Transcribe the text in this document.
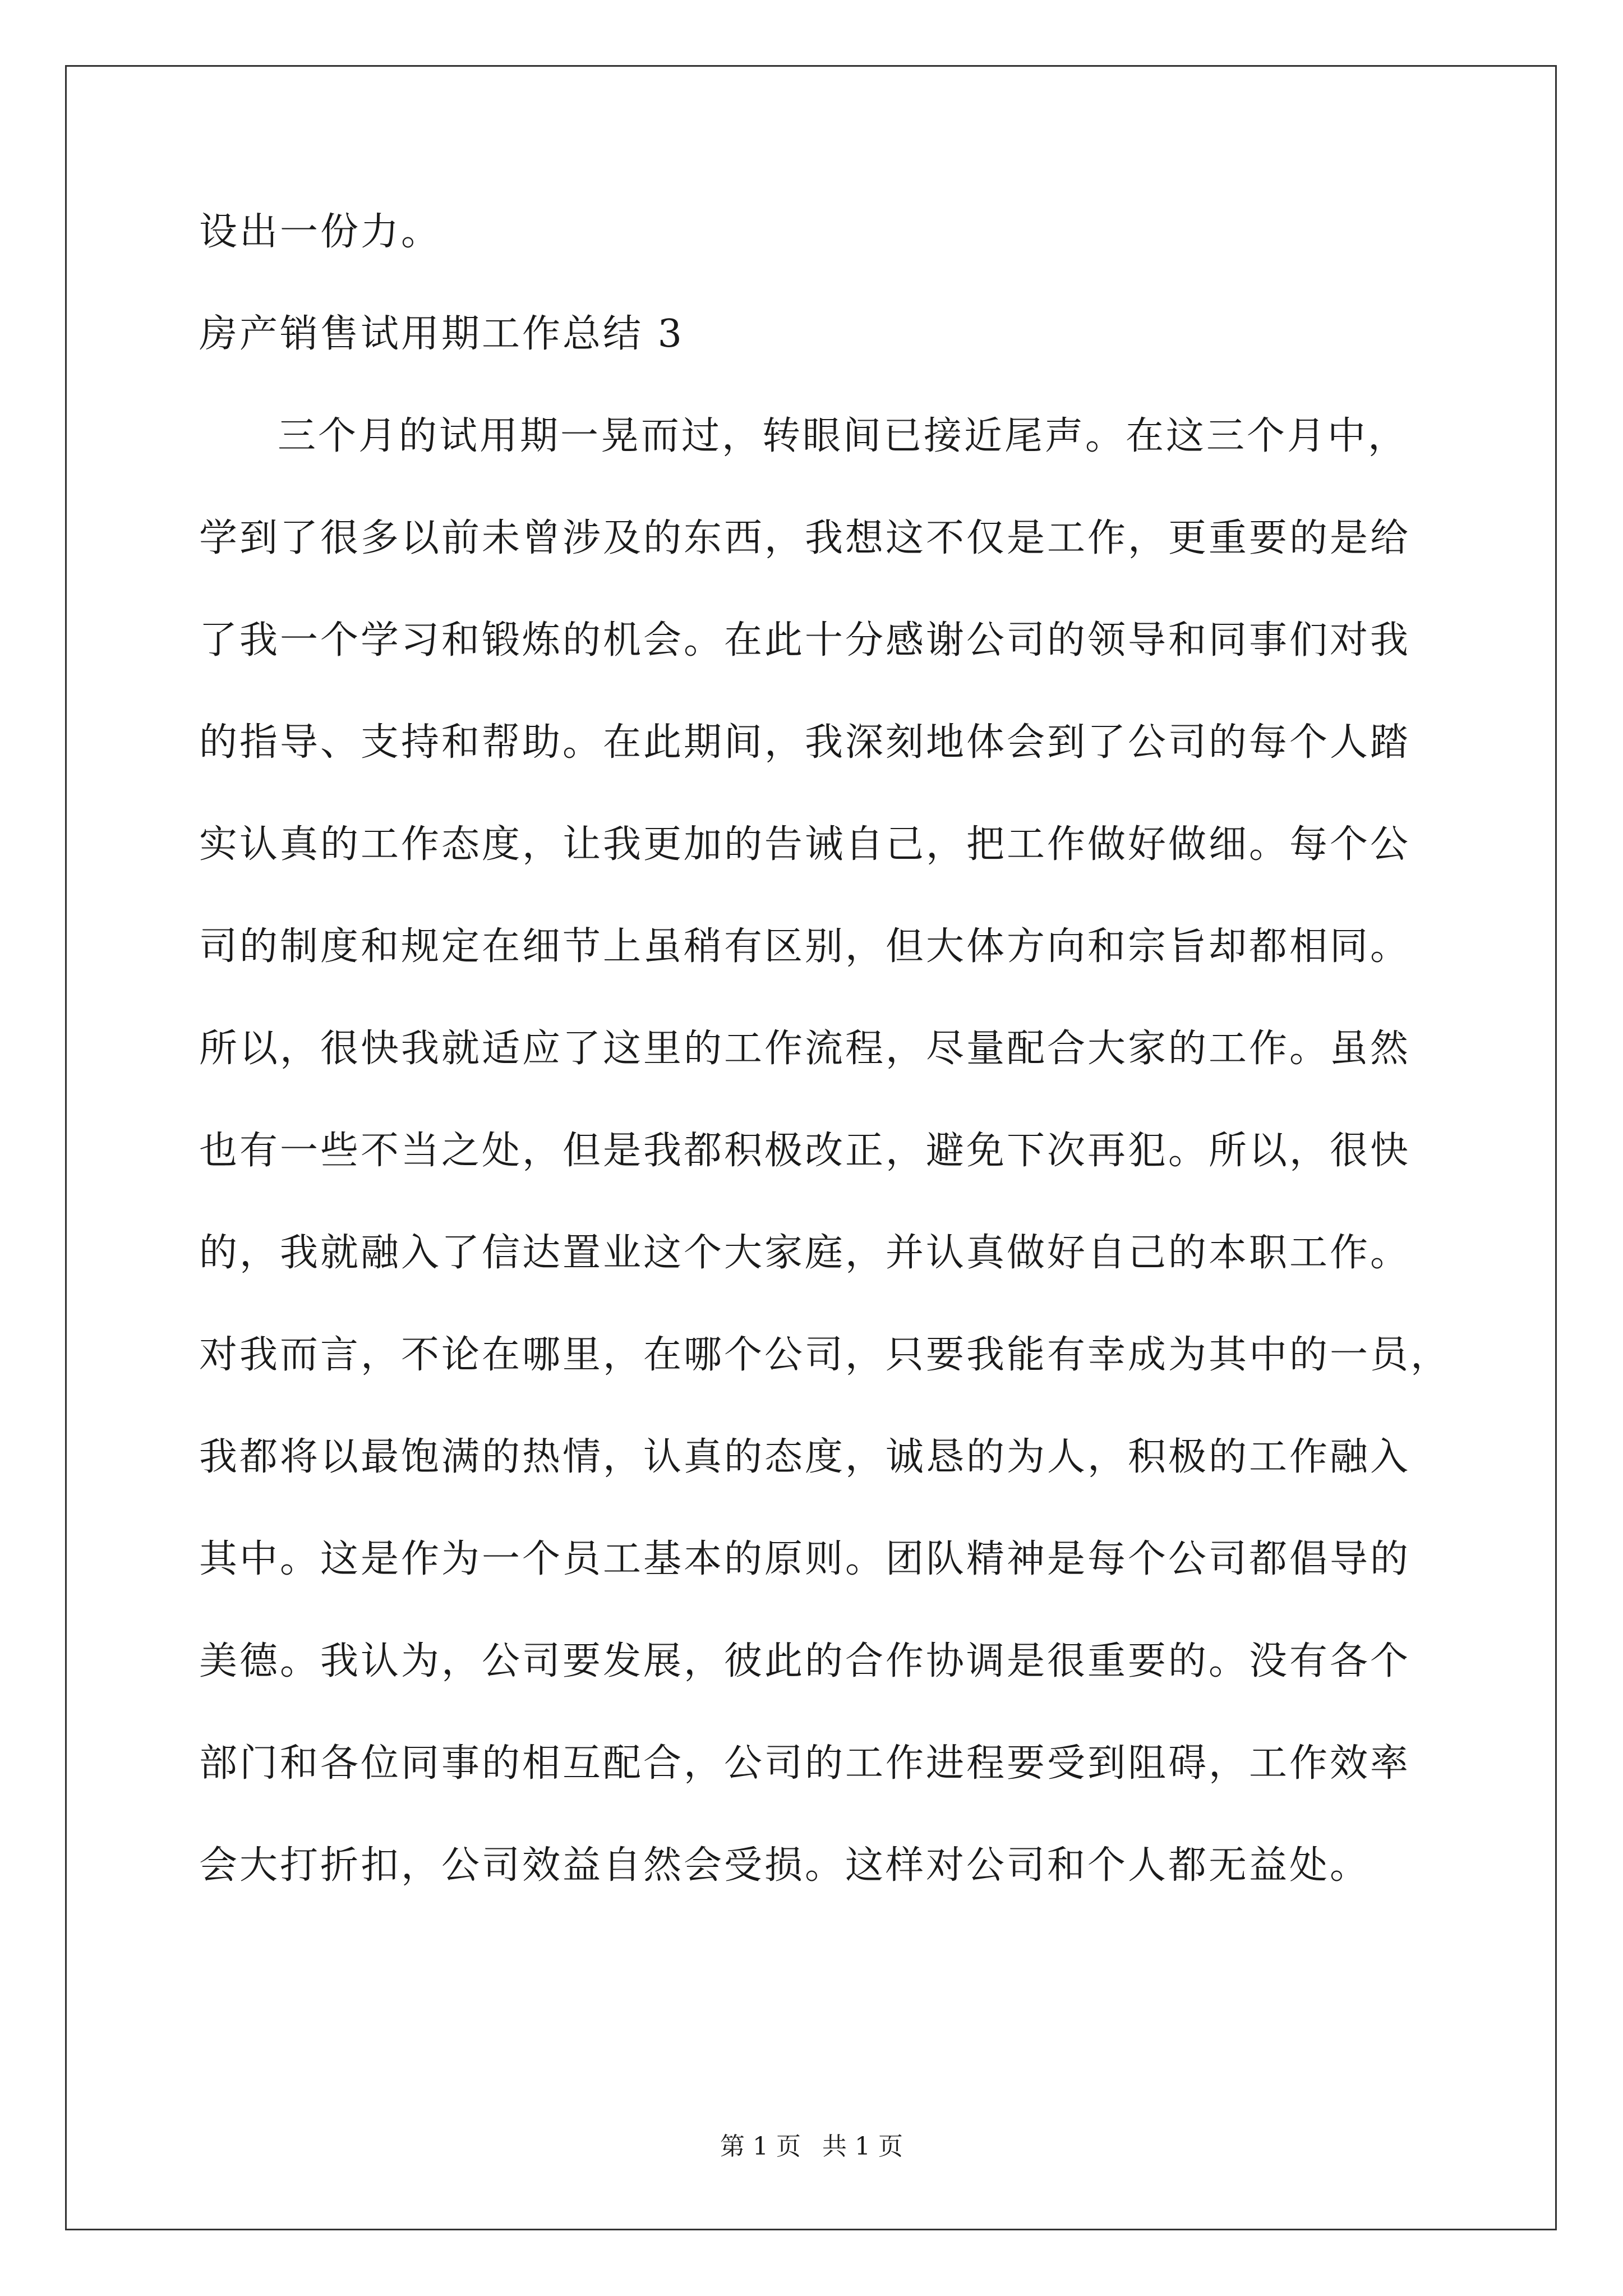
设出一份力。
房产销售试用期工作总结 3
三个月的试用期一晃而过，转眼间已接近尾声。在这三个月中，
学到了很多以前未曾涉及的东西，我想这不仅是工作，更重要的是给
了我一个学习和锻炼的机会。在此十分感谢公司的领导和同事们对我
的指导、支持和帮助。在此期间，我深刻地体会到了公司的每个人踏
实认真的工作态度，让我更加的告诫自己，把工作做好做细。每个公
司的制度和规定在细节上虽稍有区别，但大体方向和宗旨却都相同。
所以，很快我就适应了这里的工作流程，尽量配合大家的工作。虽然
也有一些不当之处，但是我都积极改正，避免下次再犯。所以，很快
的，我就融入了信达置业这个大家庭，并认真做好自己的本职工作。
对我而言，不论在哪里，在哪个公司，只要我能有幸成为其中的一员，
我都将以最饱满的热情，认真的态度，诚恳的为人，积极的工作融入
其中。这是作为一个员工基本的原则。团队精神是每个公司都倡导的
美德。我认为，公司要发展，彼此的合作协调是很重要的。没有各个
部门和各位同事的相互配合，公司的工作进程要受到阻碍，工作效率
会大打折扣，公司效益自然会受损。这样对公司和个人都无益处。
第 1 页 共 1 页
